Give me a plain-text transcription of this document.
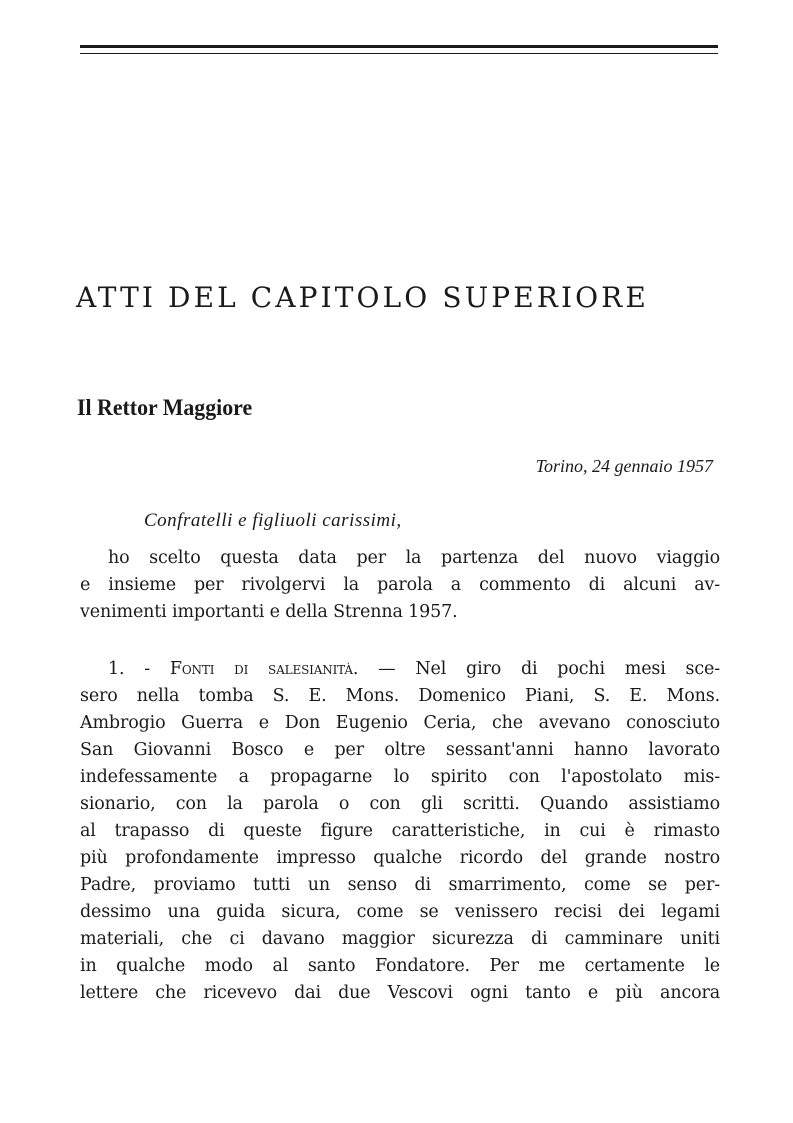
ATTI DEL CAPITOLO SUPERIORE
Il Rettor Maggiore
Torino, 24 gennaio 1957
Confratelli e figliuoli carissimi,
ho scelto questa data per la partenza del nuovo viaggio
e insieme per rivolgervi la parola a commento di alcuni av-
venimenti importanti e della Strenna 1957.
1. - Fonti di salesianità. — Nel giro di pochi mesi sce-
sero nella tomba S. E. Mons. Domenico Piani, S. E. Mons.
Ambrogio Guerra e Don Eugenio Ceria, che avevano conosciuto
San Giovanni Bosco e per oltre sessant'anni hanno lavorato
indefessamente a propagarne lo spirito con l'apostolato mis-
sionario, con la parola o con gli scritti. Quando assistiamo
al trapasso di queste figure caratteristiche, in cui è rimasto
più profondamente impresso qualche ricordo del grande nostro
Padre, proviamo tutti un senso di smarrimento, come se per-
dessimo una guida sicura, come se venissero recisi dei legami
materiali, che ci davano maggior sicurezza di camminare uniti
in qualche modo al santo Fondatore. Per me certamente le
lettere che ricevevo dai due Vescovi ogni tanto e più ancora
